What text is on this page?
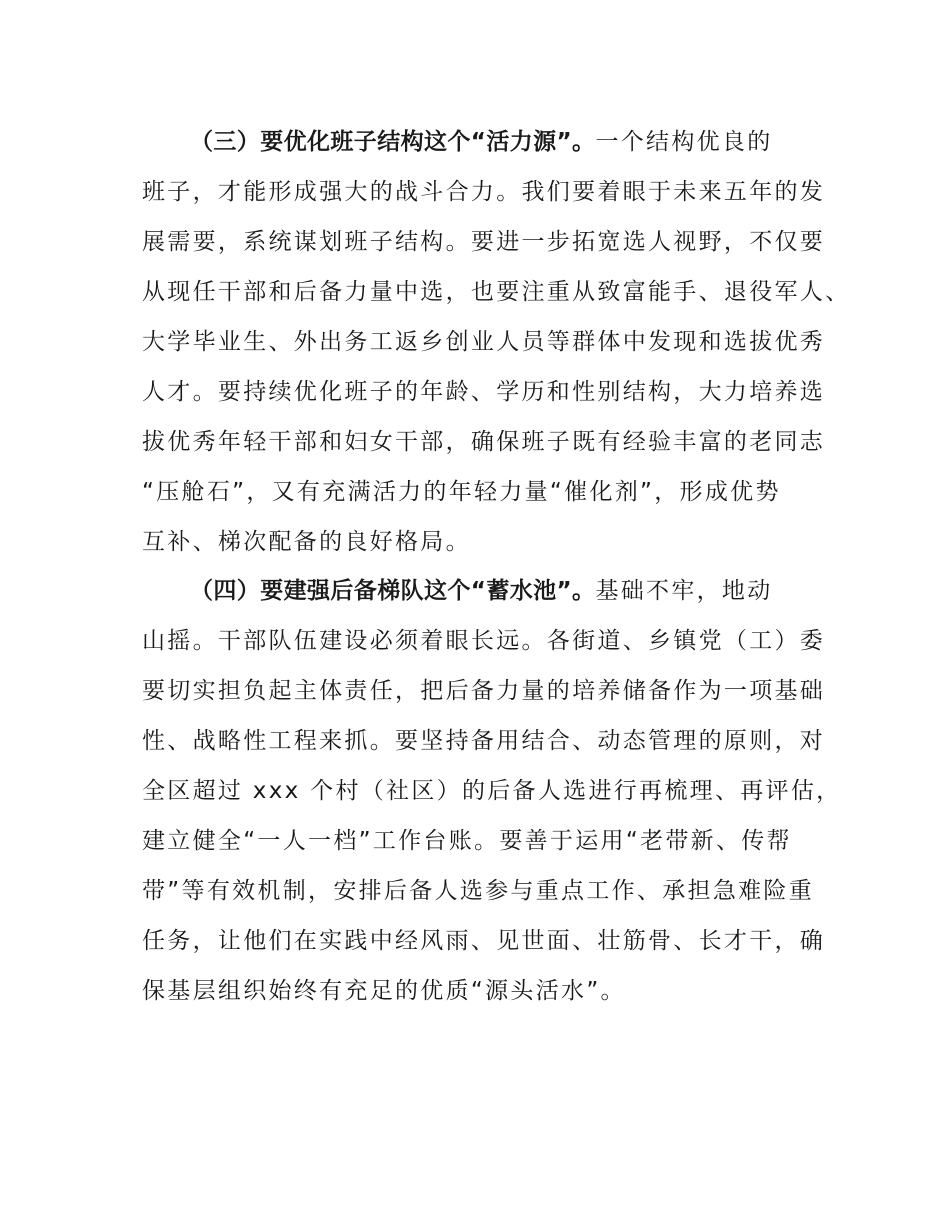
（三）要优化班子结构这个“活力源”。一个结构优良的
班子，才能形成强大的战斗合力。我们要着眼于未来五年的发
展需要，系统谋划班子结构。要进一步拓宽选人视野，不仅要
从现任干部和后备力量中选，也要注重从致富能手、退役军人、
大学毕业生、外出务工返乡创业人员等群体中发现和选拔优秀
人才。要持续优化班子的年龄、学历和性别结构，大力培养选
拔优秀年轻干部和妇女干部，确保班子既有经验丰富的老同志
“压舱石”，又有充满活力的年轻力量“催化剂”，形成优势
互补、梯次配备的良好格局。
（四）要建强后备梯队这个“蓄水池”。基础不牢，地动
山摇。干部队伍建设必须着眼长远。各街道、乡镇党（工）委
要切实担负起主体责任，把后备力量的培养储备作为一项基础
性、战略性工程来抓。要坚持备用结合、动态管理的原则，对
全区超过 xxx 个村（社区）的后备人选进行再梳理、再评估，
建立健全“一人一档”工作台账。要善于运用“老带新、传帮
带”等有效机制，安排后备人选参与重点工作、承担急难险重
任务，让他们在实践中经风雨、见世面、壮筋骨、长才干，确
保基层组织始终有充足的优质“源头活水”。
